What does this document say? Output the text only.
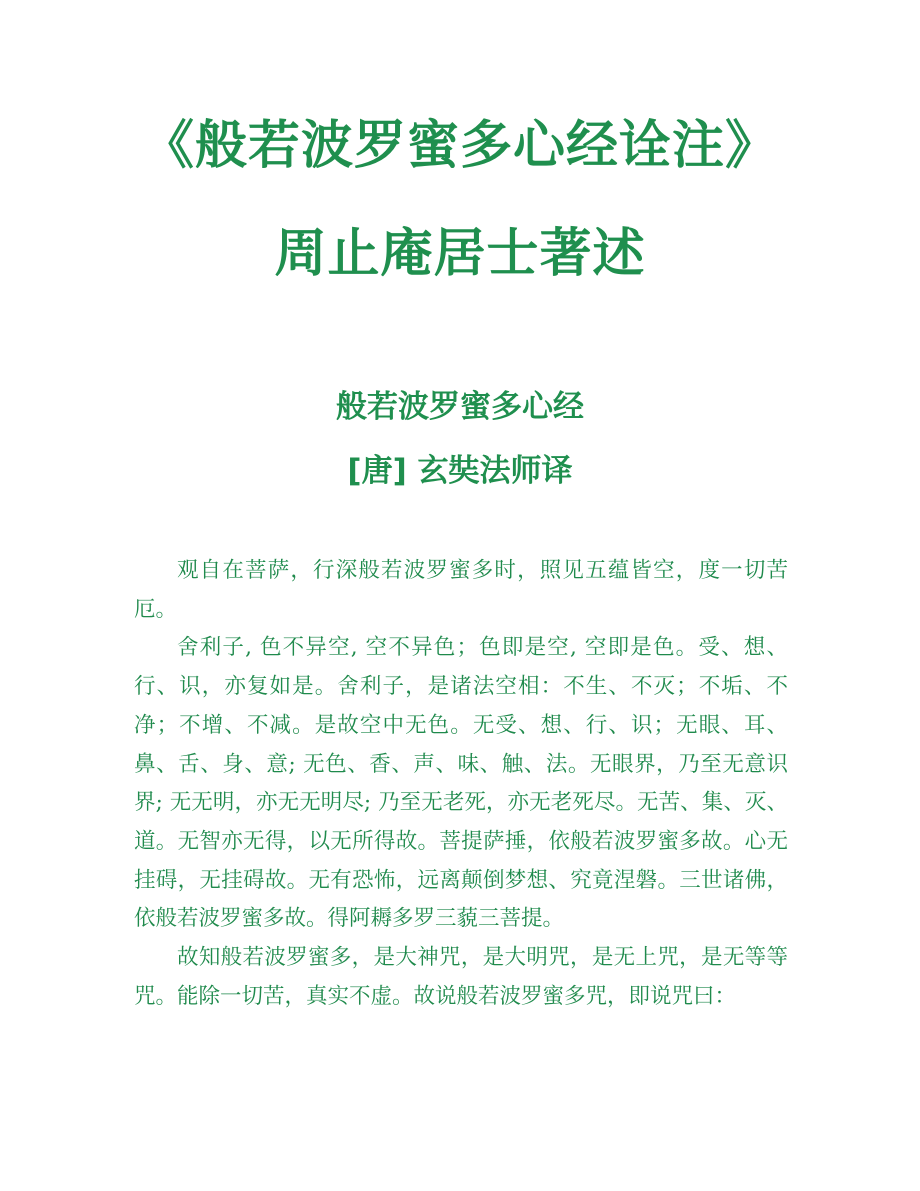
《般若波罗蜜多心经诠注》
周止庵居士著述
般若波罗蜜多心经
[唐] 玄奘法师译

观自在菩萨，行深般若波罗蜜多时，照见五蕴皆空，度一切苦厄。

舍利子, 色不异空, 空不异色；色即是空, 空即是色。受、想、行、识，亦复如是。舍利子，是诸法空相：不生、不灭；不垢、不净；不增、不减。是故空中无色。无受、想、行、识；无眼、耳、鼻、舌、身、意; 无色、香、声、味、触、法。无眼界，乃至无意识界; 无无明，亦无无明尽; 乃至无老死，亦无老死尽。无苦、集、灭、道。无智亦无得，以无所得故。菩提萨捶，依般若波罗蜜多故。心无挂碍，无挂碍故。无有恐怖，远离颠倒梦想、究竟涅磐。三世诸佛，依般若波罗蜜多故。得阿耨多罗三藐三菩提。

故知般若波罗蜜多，是大神咒，是大明咒，是无上咒，是无等等咒。能除一切苦，真实不虚。故说般若波罗蜜多咒，即说咒曰：
